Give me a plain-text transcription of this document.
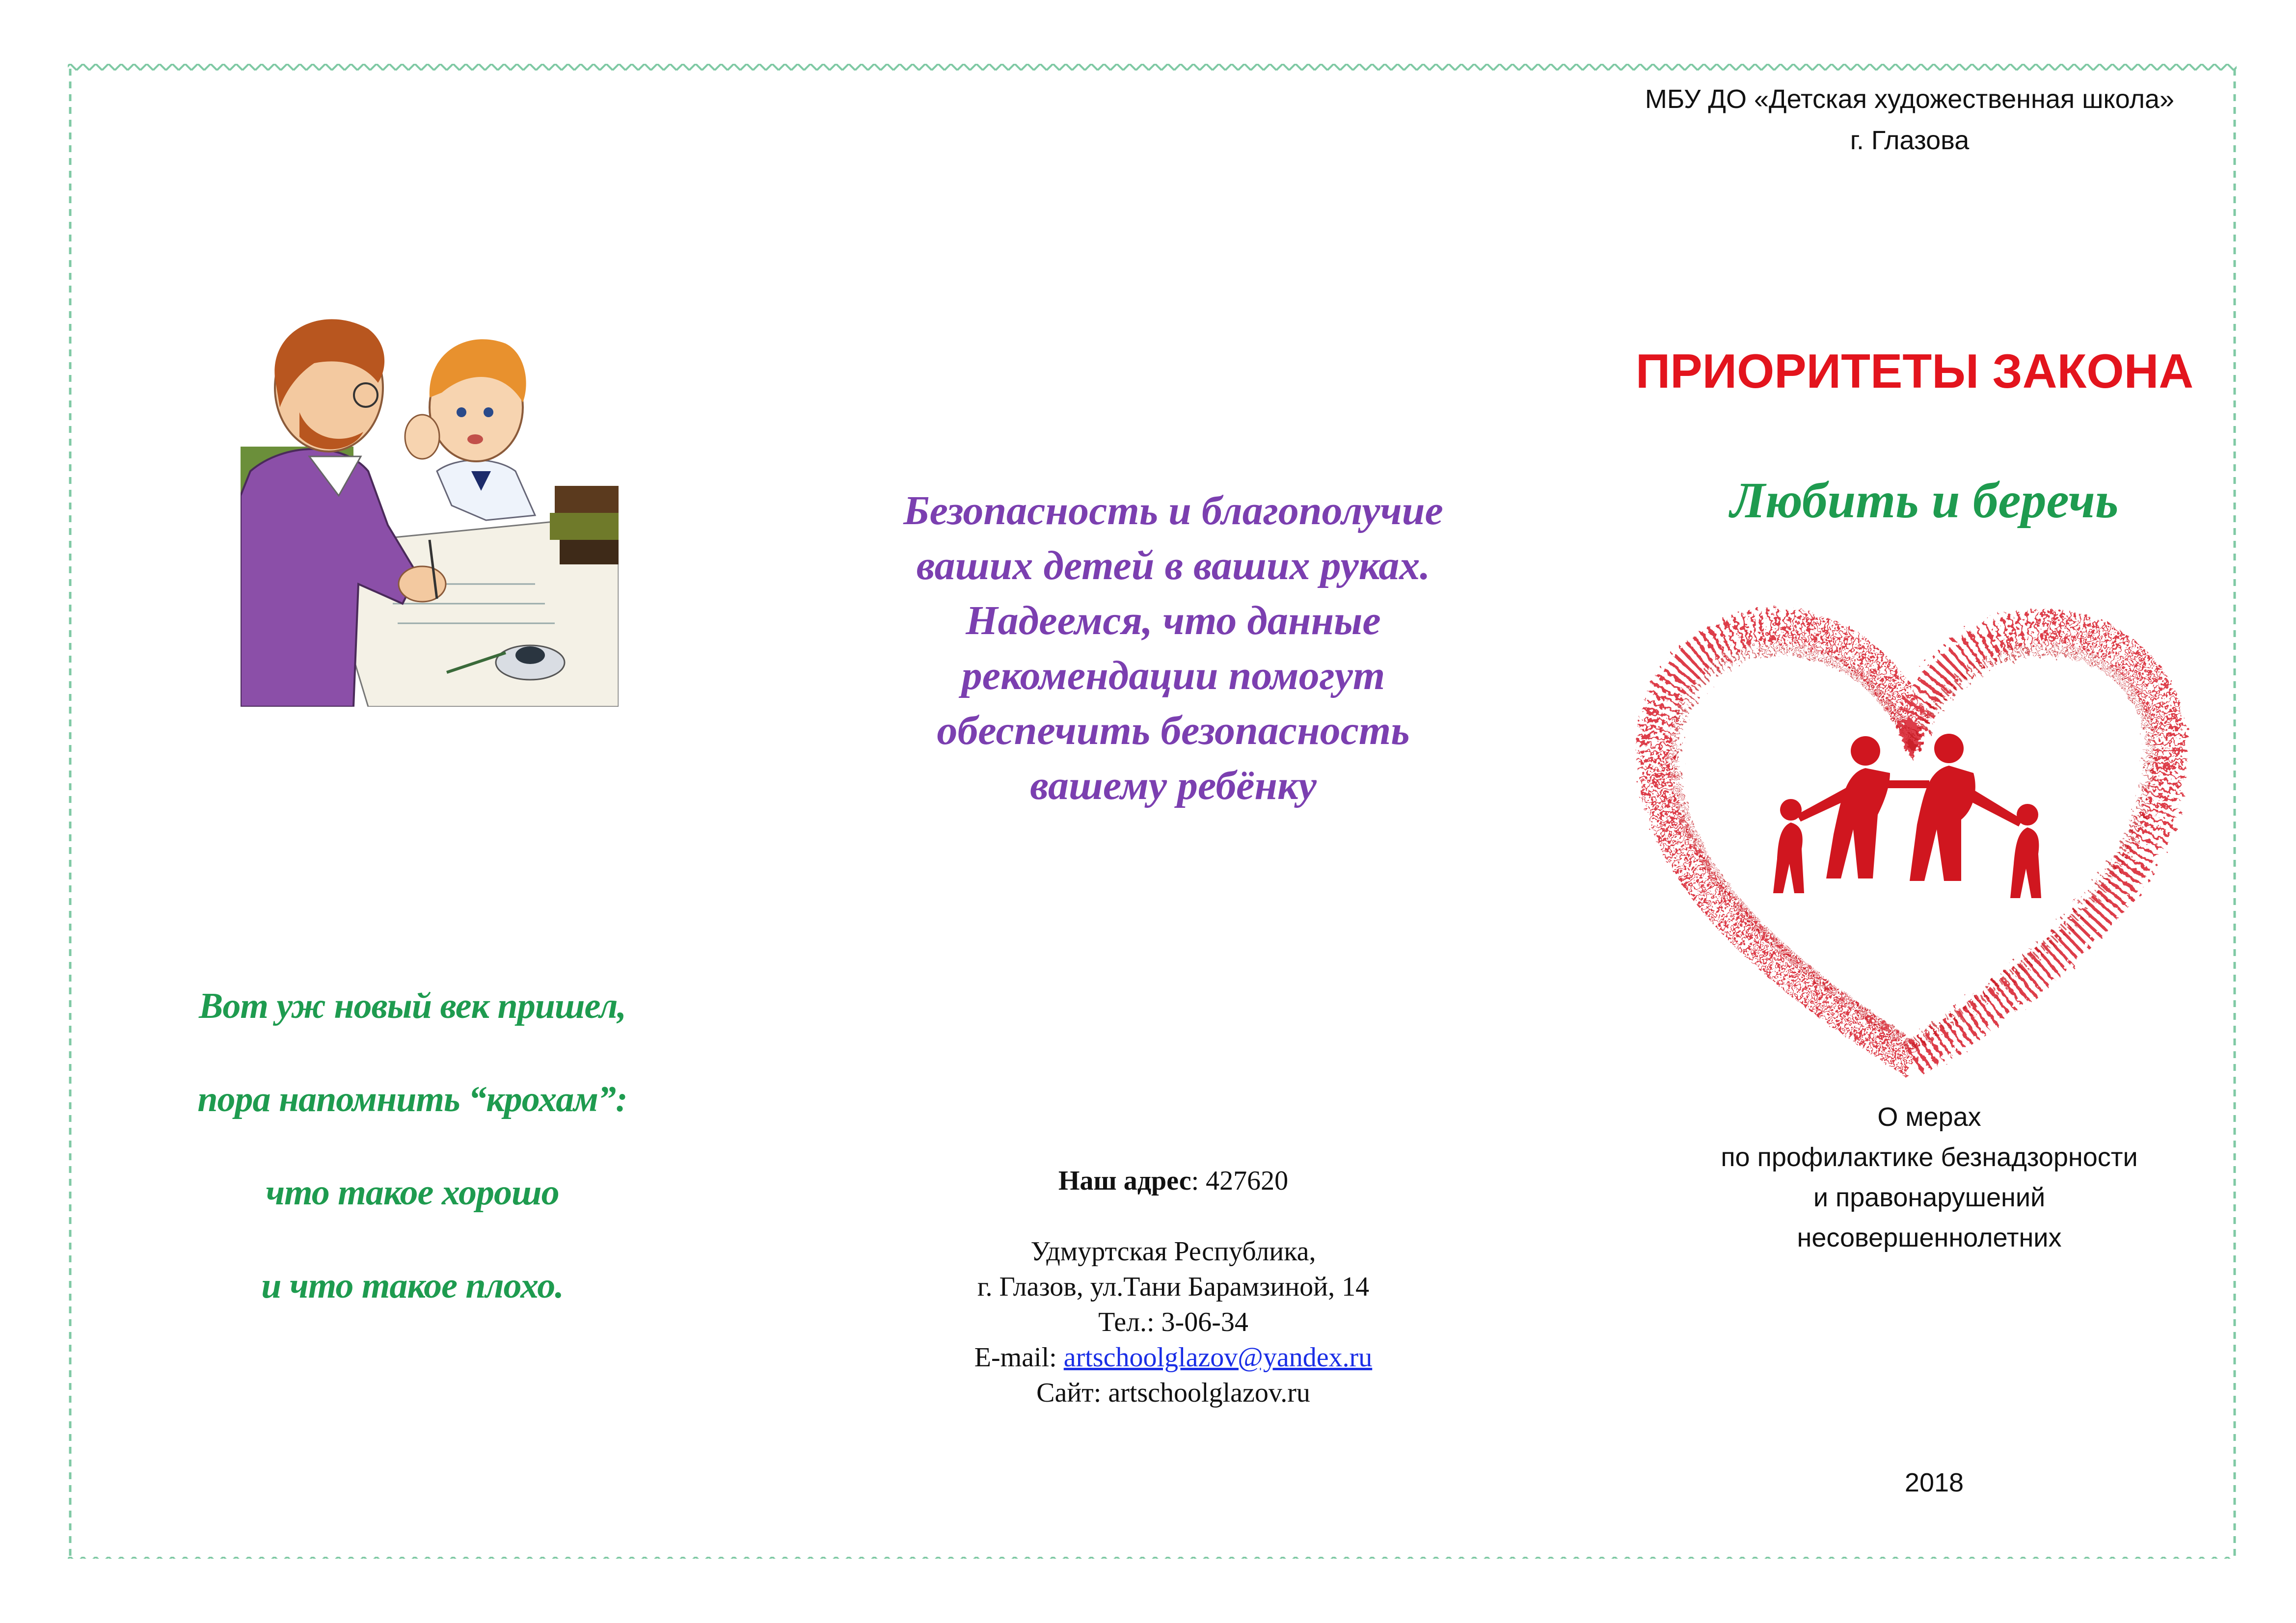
МБУ ДО «Детская художественная школа»
г. Глазова
ПРИОРИТЕТЫ ЗАКОНА
Любить и беречь
О мерах
по профилактике безнадзорности
и правонарушений
несовершеннолетних
2018
Вот уж новый век пришел,
пора напомнить “крохам”:
что такое хорошо
и что такое плохо.
Безопасность и благополучие
ваших детей в ваших руках.
Надеемся, что данные
рекомендации помогут
обеспечить безопасность
вашему ребёнку
Наш адрес: 427620
Удмуртская Республика,
г. Глазов, ул.Тани Барамзиной, 14
Тел.: 3-06-34
E-mail: artschoolglazov@yandex.ru
Сайт: artschoolglazov.ru
